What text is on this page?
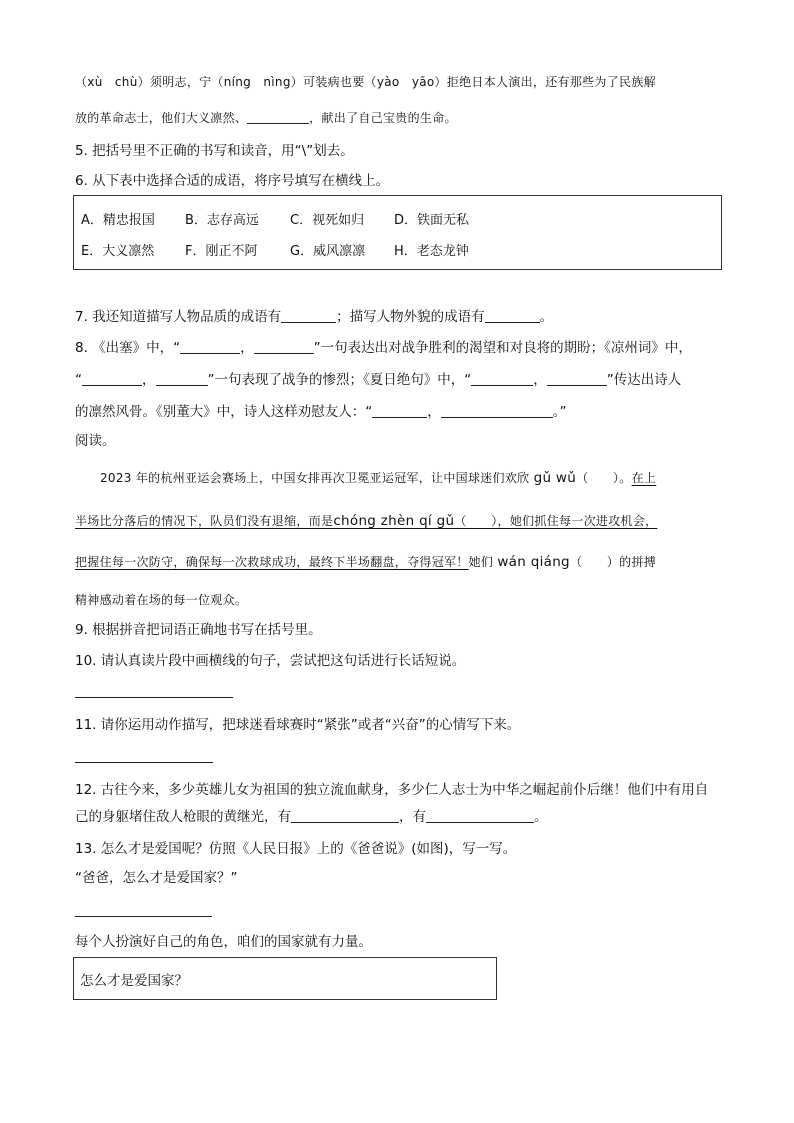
（xù　chù）须明志，宁（níng　nìng）可装病也要（yào　yāo）拒绝日本人演出，还有那些为了民族解
放的革命志士，他们大义凛然、	，献出了自己宝贵的生命。
5. 把括号里不正确的书写和读音，用“\”划去。
6. 从下表中选择合适的成语，将序号填写在横线上。
A．精忠报国 B．志存高远 C．视死如归 D．铁面无私
E．大义凛然 F．刚正不阿	G．威风凛凛 H．老态龙钟
7. 我还知道描写人物品质的成语有	；描写人物外貌的成语有	。
8. 《出塞》中，“	，	”一句表达出对战争胜利的渴望和对良将的期盼；《凉州词》中，
“	，	”一句表现了战争的惨烈；《夏日绝句》中，“	，	”传达出诗人
的凛然风骨。《别董大》中，诗人这样劝慰友人：“	，	。”
阅读。
2023 年的杭州亚运会赛场上，中国女排再次卫冕亚运冠军，让中国球迷们欢欣 gǔ wǔ（　　）。在上
半场比分落后的情况下，队员们没有退缩，而是chóng zhèn qí gǔ（　　），她们抓住每一次进攻机会，
把握住每一次防守，确保每一次救球成功，最终下半场翻盘，夺得冠军！她们 wán qiáng（　　）的拼搏
精神感动着在场的每一位观众。
9. 根据拼音把词语正确地书写在括号里。
10. 请认真读片段中画横线的句子，尝试把这句话进行长话短说。
11. 请你运用动作描写，把球迷看球赛时“紧张”或者“兴奋”的心情写下来。
12. 古往今来，多少英雄儿女为祖国的独立流血献身，多少仁人志士为中华之崛起前仆后继！他们中有用自
己的身躯堵住敌人枪眼的黄继光，有	，有	。
13. 怎么才是爱国呢？仿照《人民日报》上的《爸爸说》(如图)，写一写。
“爸爸，怎么才是爱国家？”
每个人扮演好自己的角色，咱们的国家就有力量。
怎么才是爱国家？
